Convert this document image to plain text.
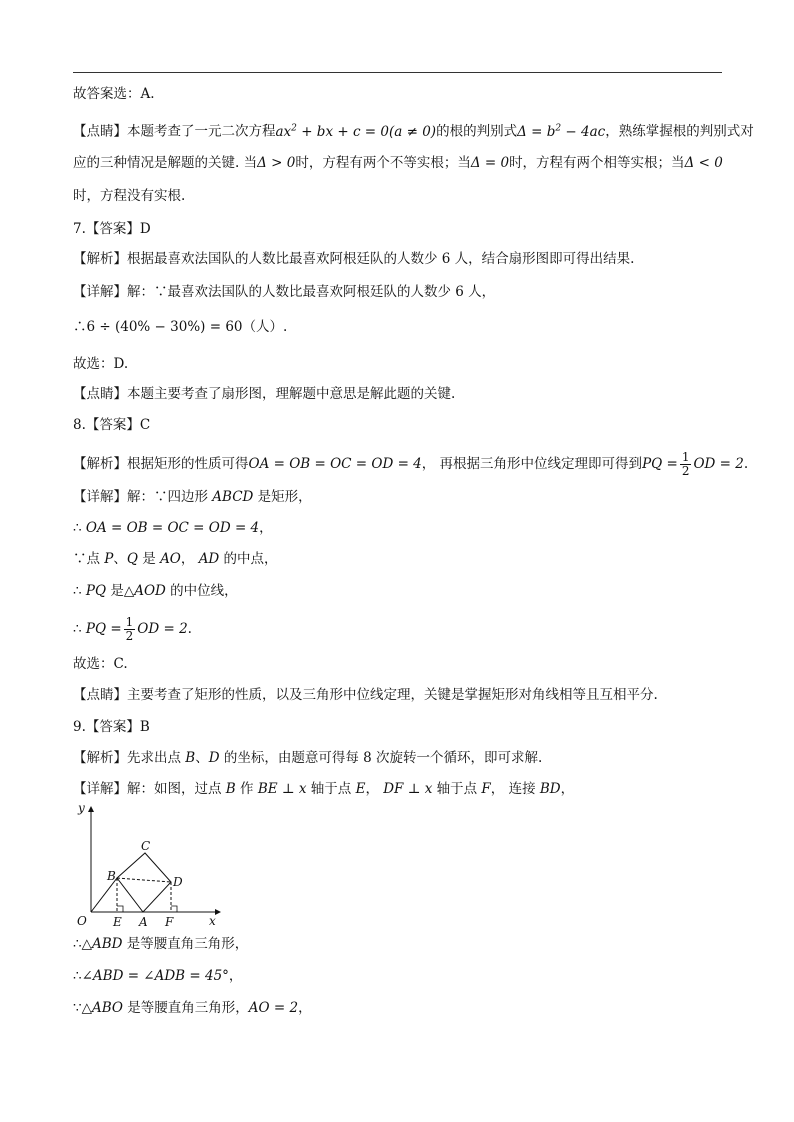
故答案选：A.
【点睛】本题考查了一元二次方程$ax^2$ + bx + c = 0(a ≠ 0)的根的判别式$\Delta = b^2 - 4ac$，熟练掌握根的判别式对
应的三种情况是解题的关键. 当Δ > 0时，方程有两个不等实根；当Δ = 0时，方程有两个相等实根；当Δ < 0
时，方程没有实根.
7.【答案】D
【解析】根据最喜欢法国队的人数比最喜欢阿根廷队的人数少 6 人，结合扇形图即可得出结果.
【详解】解：∵最喜欢法国队的人数比最喜欢阿根廷队的人数少 6 人，
∴6 ÷ (40% − 30%) = 60（人）.
故选：D.
【点睛】本题主要考查了扇形图，理解题中意思是解此题的关键.
8.【答案】C
【解析】根据矩形的性质可得OA = OB = OC = OD = 4， 再根据三角形中位线定理即可得到PQ = $\frac{1}{2}$ OD = 2.
【详解】解：∵四边形 ABCD 是矩形，
∴ OA = OB = OC = OD = 4，
∵点 P、Q 是 AO， AD 的中点，
∴ PQ 是△AOD 的中位线，
∴ PQ = $\frac{1}{2}$ OD = 2.
故选：C.
【点睛】主要考查了矩形的性质，以及三角形中位线定理，关键是掌握矩形对角线相等且互相平分.
9.【答案】B
【解析】先求出点 B、D 的坐标，由题意可得每 8 次旋转一个循环，即可求解.
【详解】解：如图，过点 B 作 BE ⊥ x 轴于点 E， DF ⊥ x 轴于点 F， 连接 BD，
y
x
O E A F
B
C
D
∴△ABD 是等腰直角三角形，
∴∠ABD = ∠ADB = 45°，
∵△ABO 是等腰直角三角形，AO = 2，
